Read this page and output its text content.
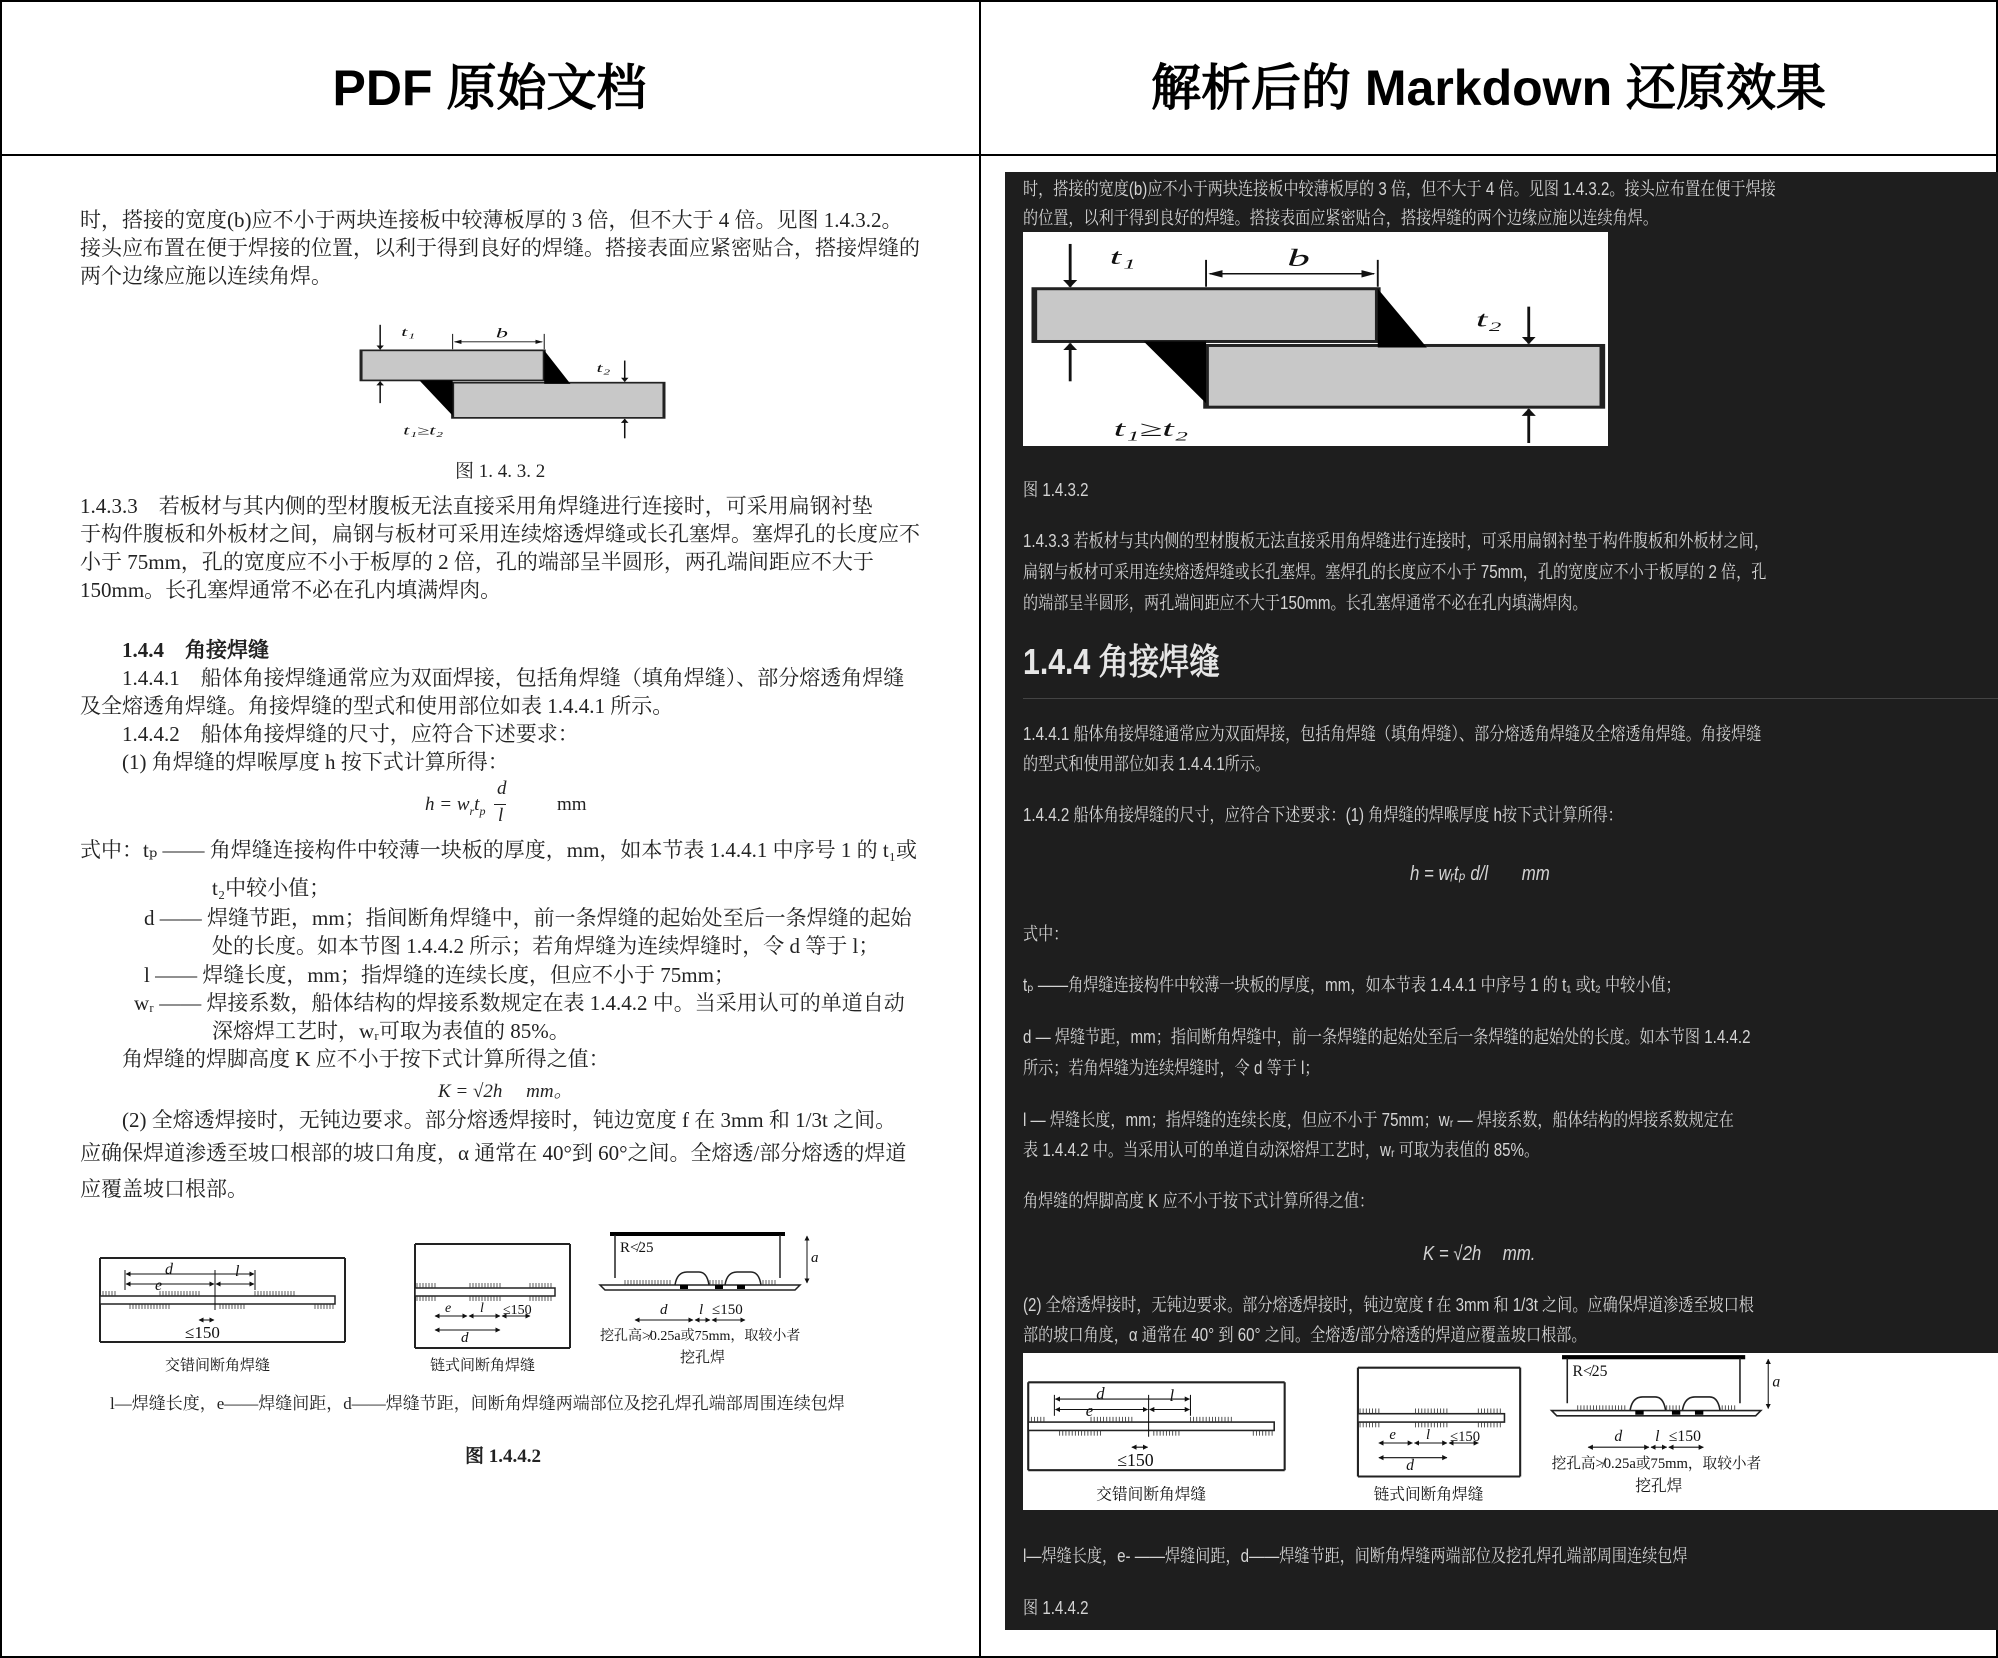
PDF 原始文档	解析后的 Markdown 还原效果
时，搭接的宽度(b)应不小于两块连接板中较薄板厚的 3 倍，但不大于 4 倍。见图 1.4.3.2。
接头应布置在便于焊接的位置，以利于得到良好的焊缝。搭接表面应紧密贴合，搭接焊缝的
两个边缘应施以连续角焊。
t₁	b
t₂
t₁≥t₂
图 1. 4. 3. 2
1.4.3.3　若板材与其内侧的型材腹板无法直接采用角焊缝进行连接时，可采用扁钢衬垫
于构件腹板和外板材之间，扁钢与板材可采用连续熔透焊缝或长孔塞焊。塞焊孔的长度应不
小于 75mm，孔的宽度应不小于板厚的 2 倍，孔的端部呈半圆形，两孔端间距应不大于
150mm。长孔塞焊通常不必在孔内填满焊肉。
1.4.4　角接焊缝
1.4.4.1　船体角接焊缝通常应为双面焊接，包括角焊缝（填角焊缝）、部分熔透角焊缝
及全熔透角焊缝。角接焊缝的型式和使用部位如表 1.4.4.1 所示。
1.4.4.2　船体角接焊缝的尺寸，应符合下述要求：
(1) 角焊缝的焊喉厚度 h 按下式计算所得：
$h = w_rt_p$
d
l
mm
式中：tₚ —— 角焊缝连接构件中较薄一块板的厚度，mm，如本节表 1.4.4.1 中序号 1 的 t₁或
t₂中较小值；
d —— 焊缝节距，mm；指间断角焊缝中，前一条焊缝的起始处至后一条焊缝的起始
处的长度。如本节图 1.4.4.2 所示；若角焊缝为连续焊缝时，令 d 等于 l；
l —— 焊缝长度，mm；指焊缝的连续长度，但应不小于 75mm；
wᵣ —— 焊接系数，船体结构的焊接系数规定在表 1.4.4.2 中。当采用认可的单道自动
深熔焊工艺时，wᵣ可取为表值的 85%。
角焊缝的焊脚高度 K 应不小于按下式计算所得之值：
K = √2h　 mm。
(2) 全熔透焊接时，无钝边要求。部分熔透焊接时，钝边宽度 f 在 3mm 和 1/3t 之间。
应确保焊道渗透至坡口根部的坡口角度，α 通常在 40°到 60°之间。全熔透/部分熔透的焊道
应覆盖坡口根部。
d
e
l
≤150
交错间断角焊缝
e l ≤150
d
链式间断角焊缝
R≮25
a
d l ≤150
挖孔高≯0.25a或75mm，取较小者
挖孔焊
l—焊缝长度，e——焊缝间距，d——焊缝节距，间断角焊缝两端部位及挖孔焊孔端部周围连续包焊
图 1.4.4.2
时，搭接的宽度(b)应不小于两块连接板中较薄板厚的 3 倍，但不大于 4 倍。见图 1.4.3.2。接头应布置在便于焊接
的位置，以利于得到良好的焊缝。搭接表面应紧密贴合，搭接焊缝的两个边缘应施以连续角焊。
t₁	b
t₂
t₁≥t₂
图 1.4.3.2
1.4.3.3 若板材与其内侧的型材腹板无法直接采用角焊缝进行连接时，可采用扁钢衬垫于构件腹板和外板材之间，
扁钢与板材可采用连续熔透焊缝或长孔塞焊。塞焊孔的长度应不小于 75mm，孔的宽度应不小于板厚的 2 倍，孔
的端部呈半圆形，两孔端间距应不大于150mm。长孔塞焊通常不必在孔内填满焊肉。
1.4.4 角接焊缝
1.4.4.1 船体角接焊缝通常应为双面焊接，包括角焊缝（填角焊缝）、部分熔透角焊缝及全熔透角焊缝。角接焊缝
的型式和使用部位如表 1.4.4.1所示。
1.4.4.2 船体角接焊缝的尺寸，应符合下述要求：(1) 角焊缝的焊喉厚度 h按下式计算所得：
h = wᵣtₚ d/l　　mm
式中：
tₚ ——角焊缝连接构件中较薄一块板的厚度，mm，如本节表 1.4.4.1 中序号 1 的 t₁ 或t₂ 中较小值；
d — 焊缝节距，mm；指间断角焊缝中，前一条焊缝的起始处至后一条焊缝的起始处的长度。如本节图 1.4.4.2
所示；若角焊缝为连续焊缝时，令 d 等于 l；
l — 焊缝长度，mm；指焊缝的连续长度，但应不小于 75mm；wᵣ — 焊接系数，船体结构的焊接系数规定在
表 1.4.4.2 中。当采用认可的单道自动深熔焊工艺时，wᵣ 可取为表值的 85%。
角焊缝的焊脚高度 K 应不小于按下式计算所得之值：
K = √2h　 mm.
(2) 全熔透焊接时，无钝边要求。部分熔透焊接时，钝边宽度 f 在 3mm 和 1/3t 之间。应确保焊道渗透至坡口根
部的坡口角度，α 通常在 40° 到 60° 之间。全熔透/部分熔透的焊道应覆盖坡口根部。
d
e
l
≤150
交错间断角焊缝
e l ≤150
d
链式间断角焊缝
R≮25
a
d l ≤150
挖孔高≯0.25a或75mm，取较小者
挖孔焊
l—焊缝长度，e- ——焊缝间距，d——焊缝节距，间断角焊缝两端部位及挖孔焊孔端部周围连续包焊
图 1.4.4.2
